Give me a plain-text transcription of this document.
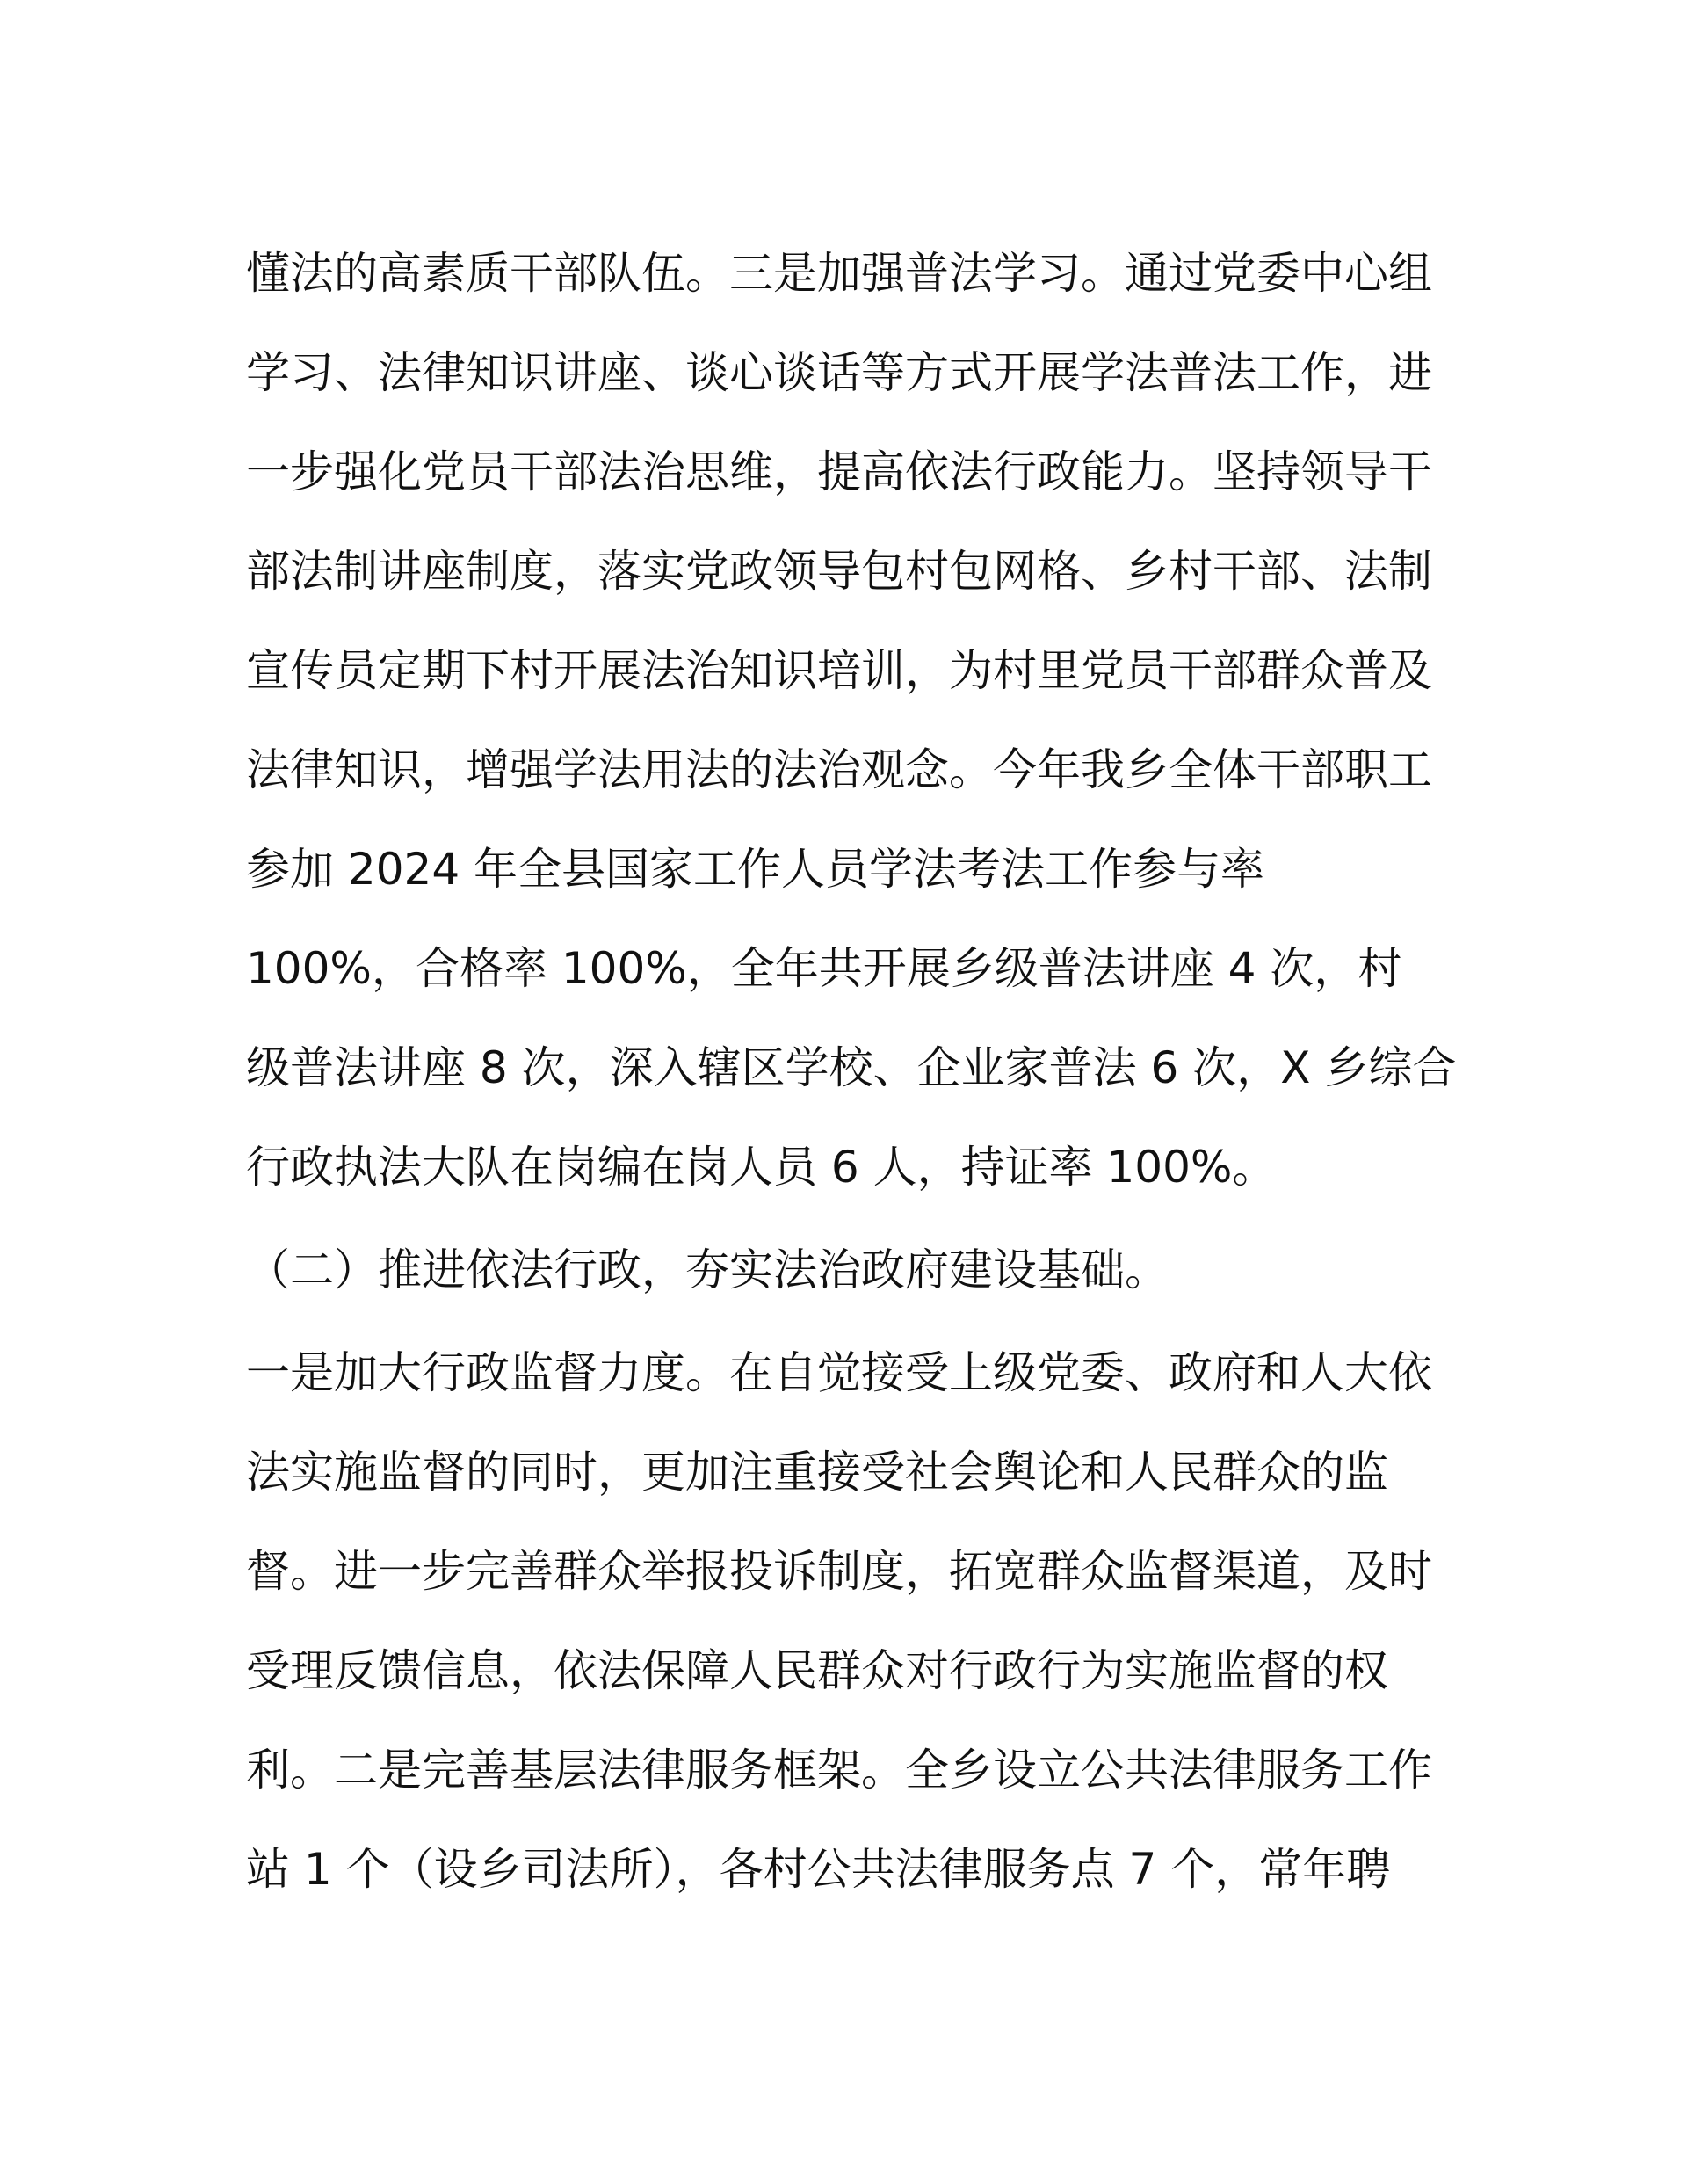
懂法的高素质干部队伍。三是加强普法学习。通过党委中心组
学习、法律知识讲座、谈心谈话等方式开展学法普法工作，进
一步强化党员干部法治思维，提高依法行政能力。坚持领导干
部法制讲座制度，落实党政领导包村包网格、乡村干部、法制
宣传员定期下村开展法治知识培训，为村里党员干部群众普及
法律知识，增强学法用法的法治观念。今年我乡全体干部职工
参加 2024 年全县国家工作人员学法考法工作参与率
100%，合格率 100%，全年共开展乡级普法讲座 4 次，村
级普法讲座 8 次，深入辖区学校、企业家普法 6 次，X 乡综合
行政执法大队在岗编在岗人员 6 人，持证率 100%。
（二）推进依法行政，夯实法治政府建设基础。
一是加大行政监督力度。在自觉接受上级党委、政府和人大依
法实施监督的同时，更加注重接受社会舆论和人民群众的监
督。进一步完善群众举报投诉制度，拓宽群众监督渠道，及时
受理反馈信息，依法保障人民群众对行政行为实施监督的权
利。二是完善基层法律服务框架。全乡设立公共法律服务工作
站 1 个（设乡司法所），各村公共法律服务点 7 个，常年聘
